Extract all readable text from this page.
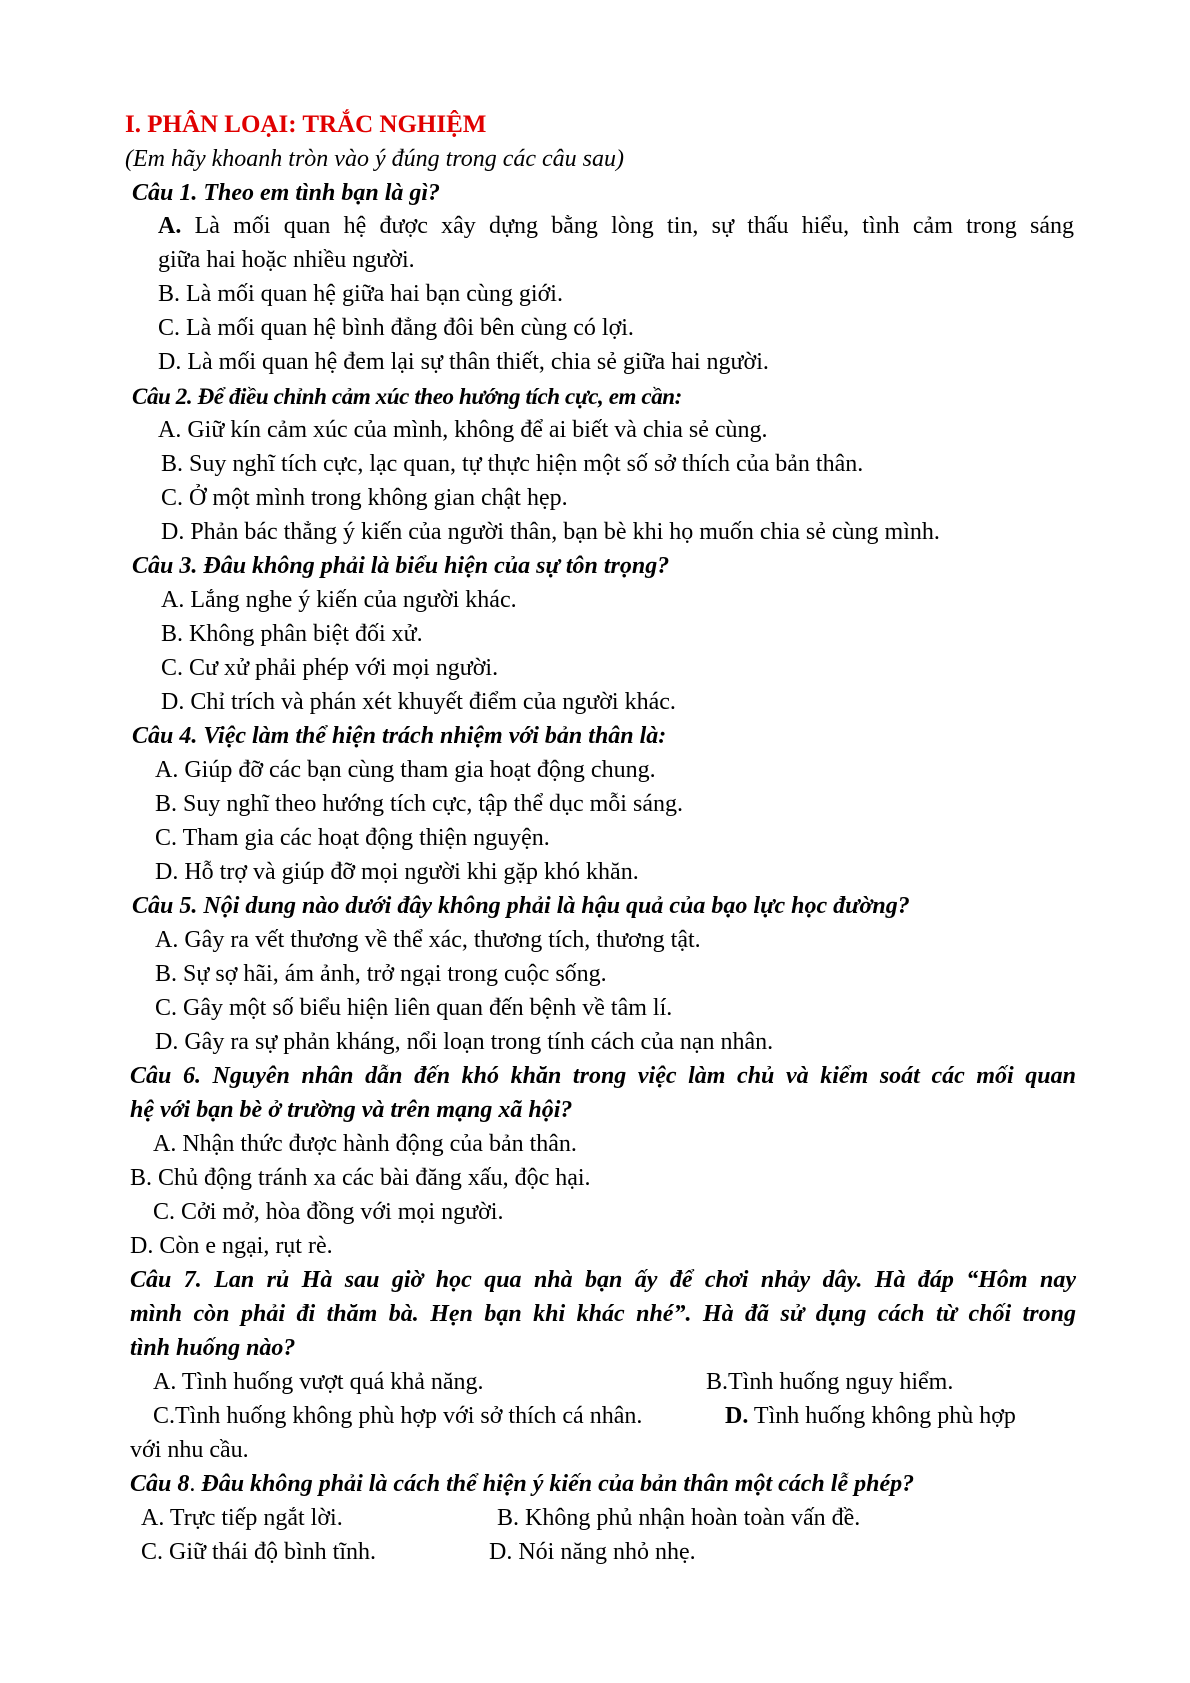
I. PHÂN LOẠI: TRẮC NGHIỆM
(Em hãy khoanh tròn vào ý đúng trong các câu sau)
Câu 1. Theo em tình bạn là gì?
A. Là mối quan hệ được xây dựng bằng lòng tin, sự thấu hiểu, tình cảm trong sáng
giữa hai hoặc nhiều người.
B. Là mối quan hệ giữa hai bạn cùng giới.
C. Là mối quan hệ bình đẳng đôi bên cùng có lợi.
D. Là mối quan hệ đem lại sự thân thiết, chia sẻ giữa hai người.
Câu 2. Để điều chỉnh cảm xúc theo hướng tích cực, em cần:
A. Giữ kín cảm xúc của mình, không để ai biết và chia sẻ cùng.
B. Suy nghĩ tích cực, lạc quan, tự thực hiện một số sở thích của bản thân.
C. Ở một mình trong không gian chật hẹp.
D. Phản bác thẳng ý kiến của người thân, bạn bè khi họ muốn chia sẻ cùng mình.
Câu 3. Đâu không phải là biểu hiện của sự tôn trọng?
A. Lắng nghe ý kiến của người khác.
B. Không phân biệt đối xử.
C. Cư xử phải phép với mọi người.
D. Chỉ trích và phán xét khuyết điểm của người khác.
Câu 4. Việc làm thể hiện trách nhiệm với bản thân là:
A. Giúp đỡ các bạn cùng tham gia hoạt động chung.
B. Suy nghĩ theo hướng tích cực, tập thể dục mỗi sáng.
C. Tham gia các hoạt động thiện nguyện.
D. Hỗ trợ và giúp đỡ mọi người khi gặp khó khăn.
Câu 5. Nội dung nào dưới đây không phải là hậu quả của bạo lực học đường?
A. Gây ra vết thương về thể xác, thương tích, thương tật.
B. Sự sợ hãi, ám ảnh, trở ngại trong cuộc sống.
C. Gây một số biểu hiện liên quan đến bệnh về tâm lí.
D. Gây ra sự phản kháng, nổi loạn trong tính cách của nạn nhân.
Câu 6. Nguyên nhân dẫn đến khó khăn trong việc làm chủ và kiểm soát các mối quan
hệ với bạn bè ở trường và trên mạng xã hội?
A. Nhận thức được hành động của bản thân.
B. Chủ động tránh xa các bài đăng xấu, độc hại.
C. Cởi mở, hòa đồng với mọi người.
D. Còn e ngại, rụt rè.
Câu 7. Lan rủ Hà sau giờ học qua nhà bạn ấy để chơi nhảy dây. Hà đáp “Hôm nay
mình còn phải đi thăm bà. Hẹn bạn khi khác nhé”. Hà đã sử dụng cách từ chối trong
tình huống nào?
A. Tình huống vượt quá khả năng.	B.Tình huống nguy hiểm.
C.Tình huống không phù hợp với sở thích cá nhân.	D. Tình huống không phù hợp
với nhu cầu.
Câu 8. Đâu không phải là cách thể hiện ý kiến của bản thân một cách lễ phép?
A. Trực tiếp ngắt lời.	B. Không phủ nhận hoàn toàn vấn đề.
C. Giữ thái độ bình tĩnh.	D. Nói năng nhỏ nhẹ.
